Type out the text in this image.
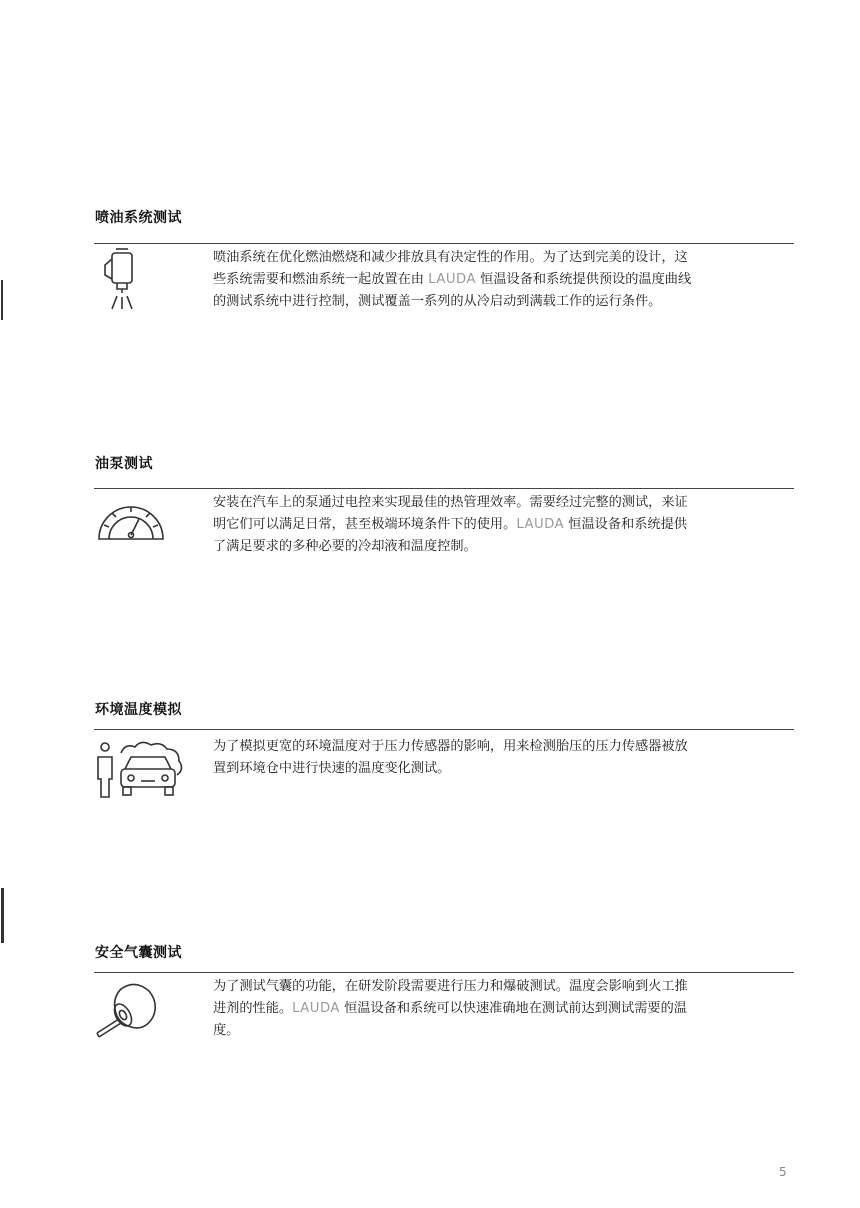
喷油系统测试

喷油系统在优化燃油燃烧和减少排放具有决定性的作用。为了达到完美的设计，这些系统需要和燃油系统一起放置在由 LAUDA 恒温设备和系统提供预设的温度曲线的测试系统中进行控制，测试覆盖一系列的从冷启动到满载工作的运行条件。

油泵测试

安装在汽车上的泵通过电控来实现最佳的热管理效率。需要经过完整的测试，来证明它们可以满足日常，甚至极端环境条件下的使用。LAUDA 恒温设备和系统提供了满足要求的多种必要的冷却液和温度控制。

环境温度模拟

为了模拟更宽的环境温度对于压力传感器的影响，用来检测胎压的压力传感器被放置到环境仓中进行快速的温度变化测试。

安全气囊测试

为了测试气囊的功能，在研发阶段需要进行压力和爆破测试。温度会影响到火工推进剂的性能。LAUDA 恒温设备和系统可以快速准确地在测试前达到测试需要的温度。

5
